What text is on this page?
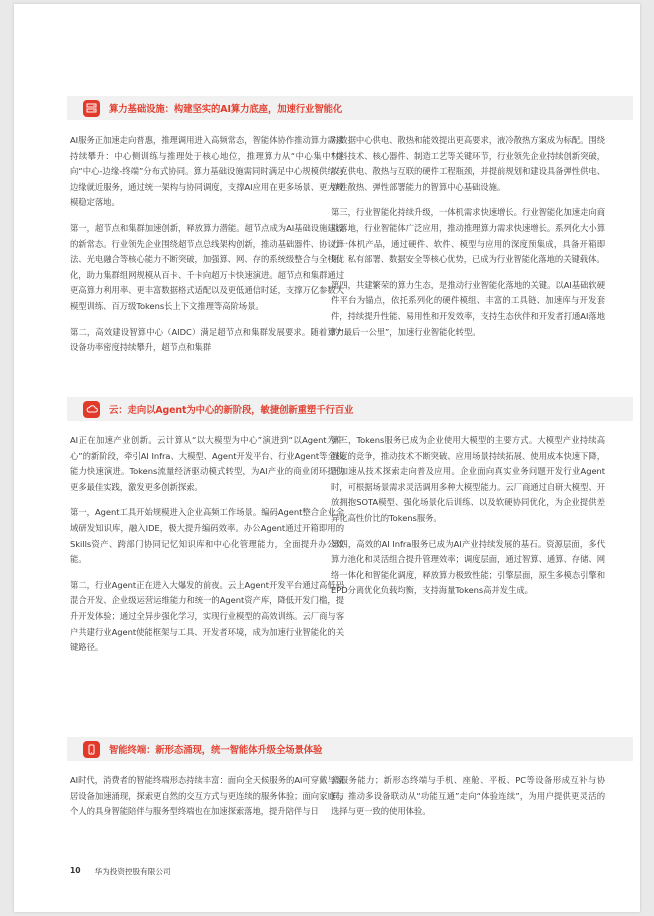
算力基础设施：构建坚实的AI算力底座，加速行业智能化

AI服务正加速走向普惠，推理调用进入高频常态，智能体协作推动算力需求持续攀升：中心侧训练与推理处于核心地位，推理算力从“中心集中”走向“中心-边缘-终端”分布式协同。算力基础设施需同时满足中心规模供给与边缘就近服务，通过统一架构与协同调度，支撑AI应用在更多场景、更大规模稳定落地。

第一，超节点和集群加速创新，释放算力潜能。超节点成为AI基础设施建设的新常态。行业领先企业围绕超节点总线架构创新，推动基础器件、协议算法、光电融合等核心能力不断突破，加强算、网、存的系统级整合与全栈优化，助力集群组网规模从百卡、千卡向超万卡快速演进。超节点和集群通过更高算力利用率、更丰富数据格式适配以及更低通信时延，支撑万亿参数大模型训练、百万级Tokens长上下文推理等高阶场景。

第二，高效建设智算中心（AIDC）满足超节点和集群发展要求。随着算力设备功率密度持续攀升，超节点和集群

对数据中心供电、散热和能效提出更高要求，液冷散热方案成为标配。围绕材料技术、核心器件、制造工艺等关键环节，行业领先企业持续创新突破，攻克供电、散热与互联的硬件工程瓶颈，并提前规划和建设具备弹性供电、弹性散热、弹性部署能力的智算中心基础设施。

第三，行业智能化持续升级，一体机需求快速增长。行业智能化加速走向商业落地，行业智能体广泛应用，推动推理算力需求快速增长。系列化大小算力一体机产品，通过硬件、软件、模型与应用的深度预集成，具备开箱即用、私有部署、数据安全等核心优势，已成为行业智能化落地的关键载体。

第四，共建繁荣的算力生态，是推动行业智能化落地的关键。以AI基础软硬件平台为锚点，依托系列化的硬件模组、丰富的工具链、加速库与开发套件，持续提升性能、易用性和开发效率，支持生态伙伴和开发者打通AI落地的“最后一公里”，加速行业智能化转型。

云：走向以Agent为中心的新阶段，敏捷创新重塑千行百业

AI正在加速产业创新。云计算从“以大模型为中心”演进到“以Agent为中心”的新阶段，牵引AI Infra、大模型、Agent开发平台、行业Agent等全栈能力快速演进。Tokens流量经济驱动模式转型，为AI产业的商业闭环提供更多最佳实践，激发更多创新探索。

第一，Agent工具开始规模进入企业高频工作场景。编码Agent整合企业全域研发知识库，融入IDE，极大提升编码效率。办公Agent通过开箱即用的Skills资产、跨部门协同记忆知识库和中心化管理能力，全面提升办公效能。

第二，行业Agent正在进入大爆发的前夜。云上Agent开发平台通过高低码混合开发、企业级运营运维能力和统一的Agent资产库，降低开发门槛，提升开发体验；通过全异步强化学习，实现行业模型的高效训练。云厂商与客户共建行业Agent使能框架与工具、开发者环境，成为加速行业智能化的关键路径。

第三，Tokens服务已成为企业使用大模型的主要方式。大模型产业持续高强度的竞争，推动技术不断突破、应用场景持续拓展、使用成本快速下降，正加速从技术探索走向普及应用。企业面向真实业务问题开发行业Agent时，可根据场景需求灵活调用多种大模型能力。云厂商通过自研大模型、开放拥抱SOTA模型、强化场景化后训练、以及软硬协同优化，为企业提供差异化高性价比的Tokens服务。

第四，高效的AI Infra服务已成为AI产业持续发展的基石。资源层面，多代算力池化和灵活组合提升管理效率；调度层面，通过智算、通算、存储、网络一体化和智能化调度，释放算力极致性能；引擎层面，原生多模态引擎和EPD分离优化负载均衡，支持海量Tokens高并发生成。

智能终端：新形态涌现，统一智能体升级全场景体验

AI时代，消费者的智能终端形态持续丰富：面向全天候服务的AI可穿戴与家居设备加速涌现，探索更自然的交互方式与更连续的服务体验；面向家庭与个人的具身智能陪伴与服务型终端也在加速探索落地，提升陪伴与日

常服务能力；新形态终端与手机、座舱、平板、PC等设备形成互补与协同，推动多设备联动从“功能互通”走向“体验连续”，为用户提供更灵活的选择与更一致的使用体验。

10 华为投资控股有限公司
